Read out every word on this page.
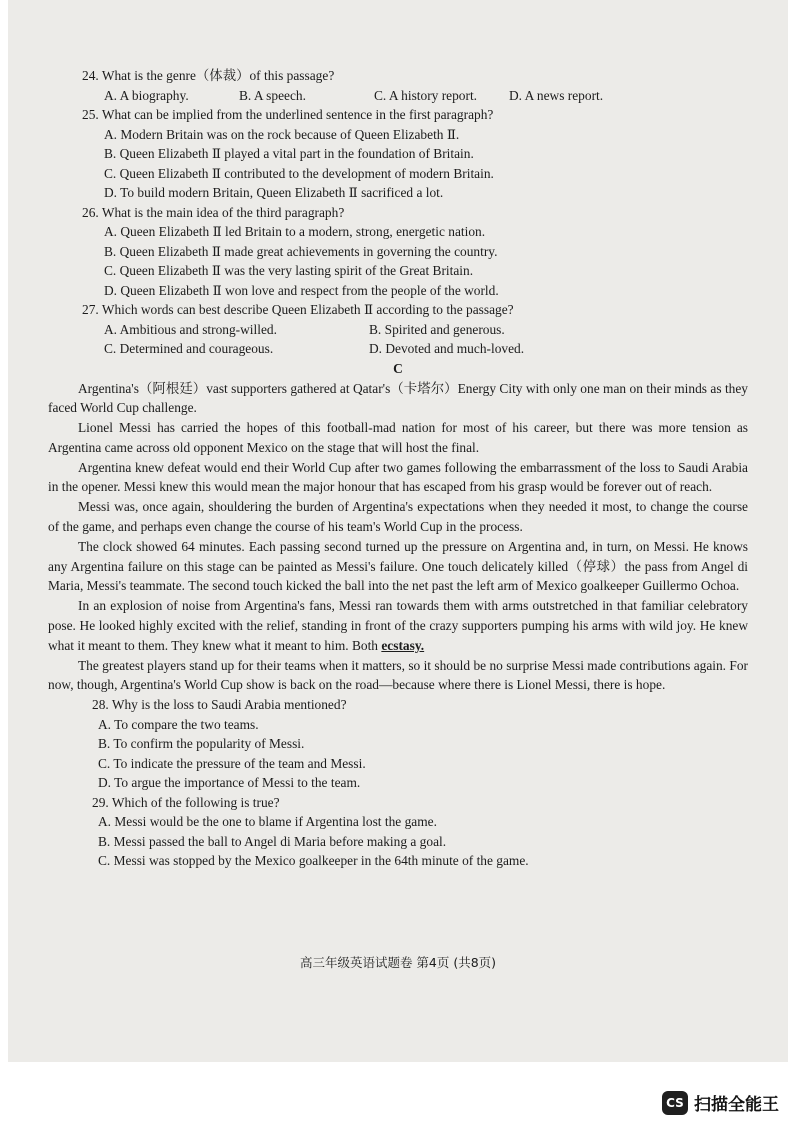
24. What is the genre（体裁）of this passage?

A. A biography.	B. A speech.	C. A history report.	D. A news report.

25. What can be implied from the underlined sentence in the first paragraph?

A. Modern Britain was on the rock because of Queen Elizabeth Ⅱ.

B. Queen Elizabeth Ⅱ played a vital part in the foundation of Britain.

C. Queen Elizabeth Ⅱ contributed to the development of modern Britain.

D. To build modern Britain, Queen Elizabeth Ⅱ sacrificed a lot.

26. What is the main idea of the third paragraph?

A. Queen Elizabeth Ⅱ led Britain to a modern, strong, energetic nation.

B. Queen Elizabeth Ⅱ made great achievements in governing the country.

C. Queen Elizabeth Ⅱ was the very lasting spirit of the Great Britain.

D. Queen Elizabeth Ⅱ won love and respect from the people of the world.

27. Which words can best describe Queen Elizabeth Ⅱ according to the passage?

A. Ambitious and strong-willed.	B. Spirited and generous.
C. Determined and courageous.	D. Devoted and much-loved.

C

Argentina's（阿根廷）vast supporters gathered at Qatar's（卡塔尔）Energy City with only one man on their minds as they faced World Cup challenge.

Lionel Messi has carried the hopes of this football-mad nation for most of his career, but there was more tension as Argentina came across old opponent Mexico on the stage that will host the final.

Argentina knew defeat would end their World Cup after two games following the embarrassment of the loss to Saudi Arabia in the opener. Messi knew this would mean the major honour that has escaped from his grasp would be forever out of reach.

Messi was, once again, shouldering the burden of Argentina's expectations when they needed it most, to change the course of the game, and perhaps even change the course of his team's World Cup in the process.

The clock showed 64 minutes. Each passing second turned up the pressure on Argentina and, in turn, on Messi. He knows any Argentina failure on this stage can be painted as Messi's failure. One touch delicately killed（停球）the pass from Angel di Maria, Messi's teammate. The second touch kicked the ball into the net past the left arm of Mexico goalkeeper Guillermo Ochoa.

In an explosion of noise from Argentina's fans, Messi ran towards them with arms outstretched in that familiar celebratory pose. He looked highly excited with the relief, standing in front of the crazy supporters pumping his arms with wild joy. He knew what it meant to them. They knew what it meant to him. Both ecstasy.

The greatest players stand up for their teams when it matters, so it should be no surprise Messi made contributions again. For now, though, Argentina's World Cup show is back on the road—because where there is Lionel Messi, there is hope.

28. Why is the loss to Saudi Arabia mentioned?

A. To compare the two teams.

B. To confirm the popularity of Messi.

C. To indicate the pressure of the team and Messi.

D. To argue the importance of Messi to the team.

29. Which of the following is true?

A. Messi would be the one to blame if Argentina lost the game.

B. Messi passed the ball to Angel di Maria before making a goal.

C. Messi was stopped by the Mexico goalkeeper in the 64th minute of the game.

高三年级英语试题卷 第4页 (共8页)
CS 扫描全能王
